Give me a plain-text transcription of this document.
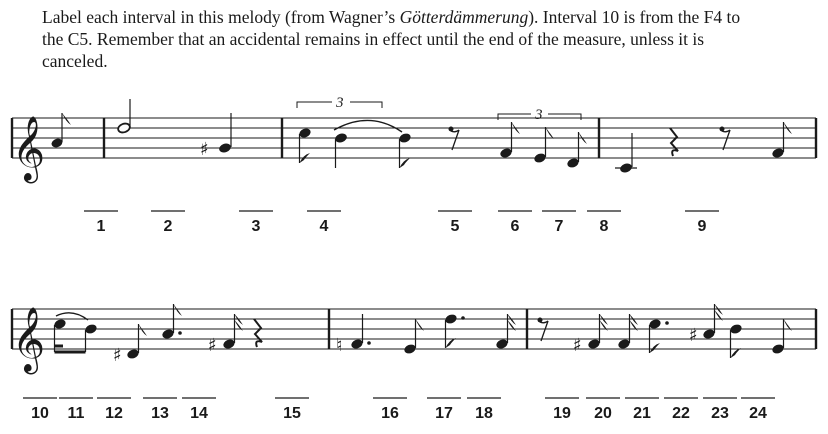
Label each interval in this melody (from Wagner’s Götterdämmerung). Interval 10 is from the F4 to the C5. Remember that an accidental remains in effect until the end of the measure, unless it is canceled.
𝄞	♯
3
3
𝄞	♯	♯	♮	♯	♯
1	2	3	4	5	6 7 8	9
10 11 12 13 14	15	16 17 18	19 20 21 22 23 24
